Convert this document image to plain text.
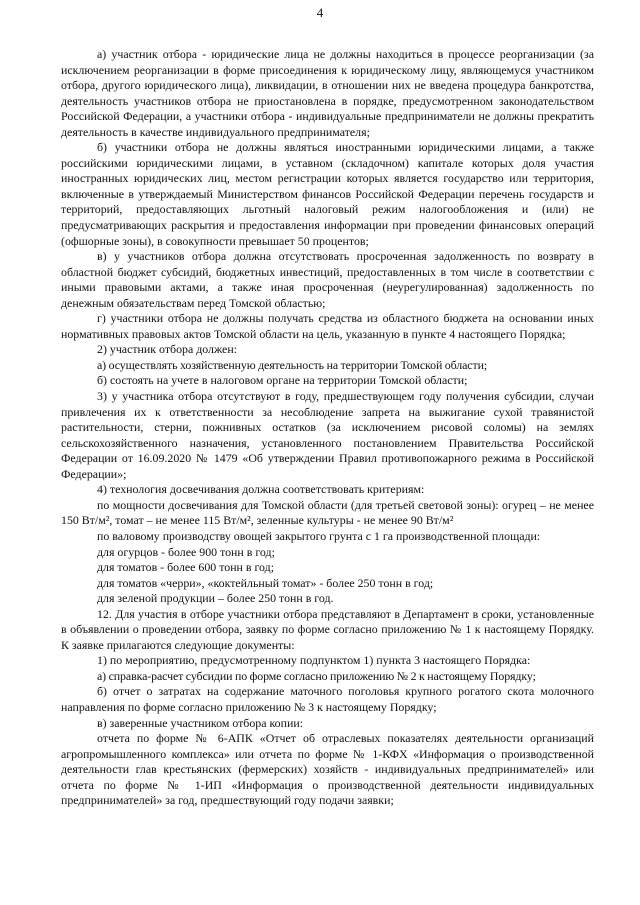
4

а) участник отбора - юридические лица не должны находиться в процессе реорганизации (за исключением реорганизации в форме присоединения к юридическому лицу, являющемуся участником отбора, другого юридического лица), ликвидации, в отношении них не введена процедура банкротства, деятельность участников отбора не приостановлена в порядке, предусмотренном законодательством Российской Федерации, а участники отбора - индивидуальные предприниматели не должны прекратить деятельность в качестве индивидуального предпринимателя;

б) участники отбора не должны являться иностранными юридическими лицами, а также российскими юридическими лицами, в уставном (складочном) капитале которых доля участия иностранных юридических лиц, местом регистрации которых является государство или территория, включенные в утверждаемый Министерством финансов Российской Федерации перечень государств и территорий, предоставляющих льготный налоговый режим налогообложения и (или) не предусматривающих раскрытия и предоставления информации при проведении финансовых операций (офшорные зоны), в совокупности превышает 50 процентов;

в) у участников отбора должна отсутствовать просроченная задолженность по возврату в областной бюджет субсидий, бюджетных инвестиций, предоставленных в том числе в соответствии с иными правовыми актами, а также иная просроченная (неурегулированная) задолженность по денежным обязательствам перед Томской областью;

г) участники отбора не должны получать средства из областного бюджета на основании иных нормативных правовых актов Томской области на цель, указанную в пункте 4 настоящего Порядка;

2) участник отбора должен:

а) осуществлять хозяйственную деятельность на территории Томской области;

б) состоять на учете в налоговом органе на территории Томской области;

3) у участника отбора отсутствуют в году, предшествующем году получения субсидии, случаи привлечения их к ответственности за несоблюдение запрета на выжигание сухой травянистой растительности, стерни, пожнивных остатков (за исключением рисовой соломы) на землях сельскохозяйственного назначения, установленного постановлением Правительства Российской Федерации от 16.09.2020 № 1479 «Об утверждении Правил противопожарного режима в Российской Федерации»;

4) технология досвечивания должна соответствовать критериям:

по мощности досвечивания для Томской области (для третьей световой зоны): огурец – не менее 150 Вт/м², томат – не менее 115 Вт/м², зеленные культуры - не менее 90 Вт/м²

по валовому производству овощей закрытого грунта с 1 га производственной площади:

для огурцов - более 900 тонн в год;

для томатов - более 600 тонн в год;

для томатов «черри», «коктейльный томат» - более 250 тонн в год;

для зеленой продукции – более 250 тонн в год.

12. Для участия в отборе участники отбора представляют в Департамент в сроки, установленные в объявлении о проведении отбора, заявку по форме согласно приложению № 1 к настоящему Порядку. К заявке прилагаются следующие документы:

1) по мероприятию, предусмотренному подпунктом 1) пункта 3 настоящего Порядка:

а) справка-расчет субсидии по форме согласно приложению № 2 к настоящему Порядку;

б) отчет о затратах на содержание маточного поголовья крупного рогатого скота молочного направления по форме согласно приложению № 3 к настоящему Порядку;

в) заверенные участником отбора копии:

отчета по форме № 6-АПК «Отчет об отраслевых показателях деятельности организаций агропромышленного комплекса» или отчета по форме № 1-КФХ «Информация о производственной деятельности глав крестьянских (фермерских) хозяйств - индивидуальных предпринимателей» или отчета по форме № 1-ИП «Информация о производственной деятельности индивидуальных предпринимателей» за год, предшествующий году подачи заявки;
